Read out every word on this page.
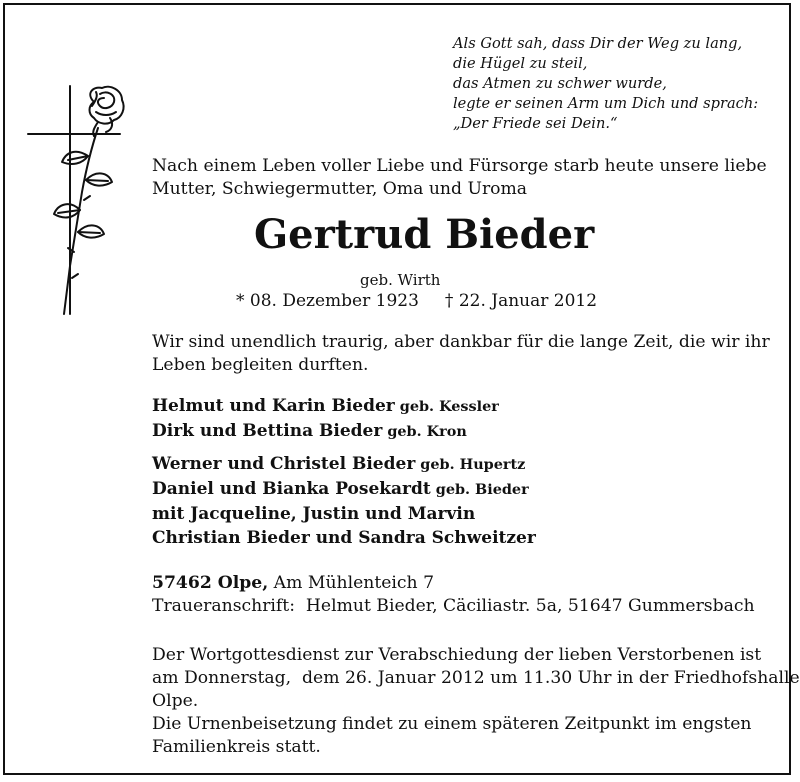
Als Gott sah, dass Dir der Weg zu lang,
die Hügel zu steil,
das Atmen zu schwer wurde,
legte er seinen Arm um Dich und sprach:
„Der Friede sei Dein.“
Nach einem Leben voller Liebe und Fürsorge starb heute unsere liebe
Mutter, Schwiegermutter, Oma und Uroma
Gertrud Bieder
geb. Wirth
* 08. Dezember 1923 † 22. Januar 2012
Wir sind unendlich traurig, aber dankbar für die lange Zeit, die wir ihr
Leben begleiten durften.
Helmut und Karin Bieder geb. Kessler
Dirk und Bettina Bieder geb. Kron
Werner und Christel Bieder geb. Hupertz
Daniel und Bianka Posekardt geb. Bieder
mit Jacqueline, Justin und Marvin
Christian Bieder und Sandra Schweitzer
57462 Olpe, Am Mühlenteich 7
Traueranschrift:  Helmut Bieder, Cäciliastr. 5a, 51647 Gummersbach
Der Wortgottesdienst zur Verabschiedung der lieben Verstorbenen ist
am Donnerstag,  dem 26. Januar 2012 um 11.30 Uhr in der Friedhofshalle
Olpe.
Die Urnenbeisetzung findet zu einem späteren Zeitpunkt im engsten
Familienkreis statt.
